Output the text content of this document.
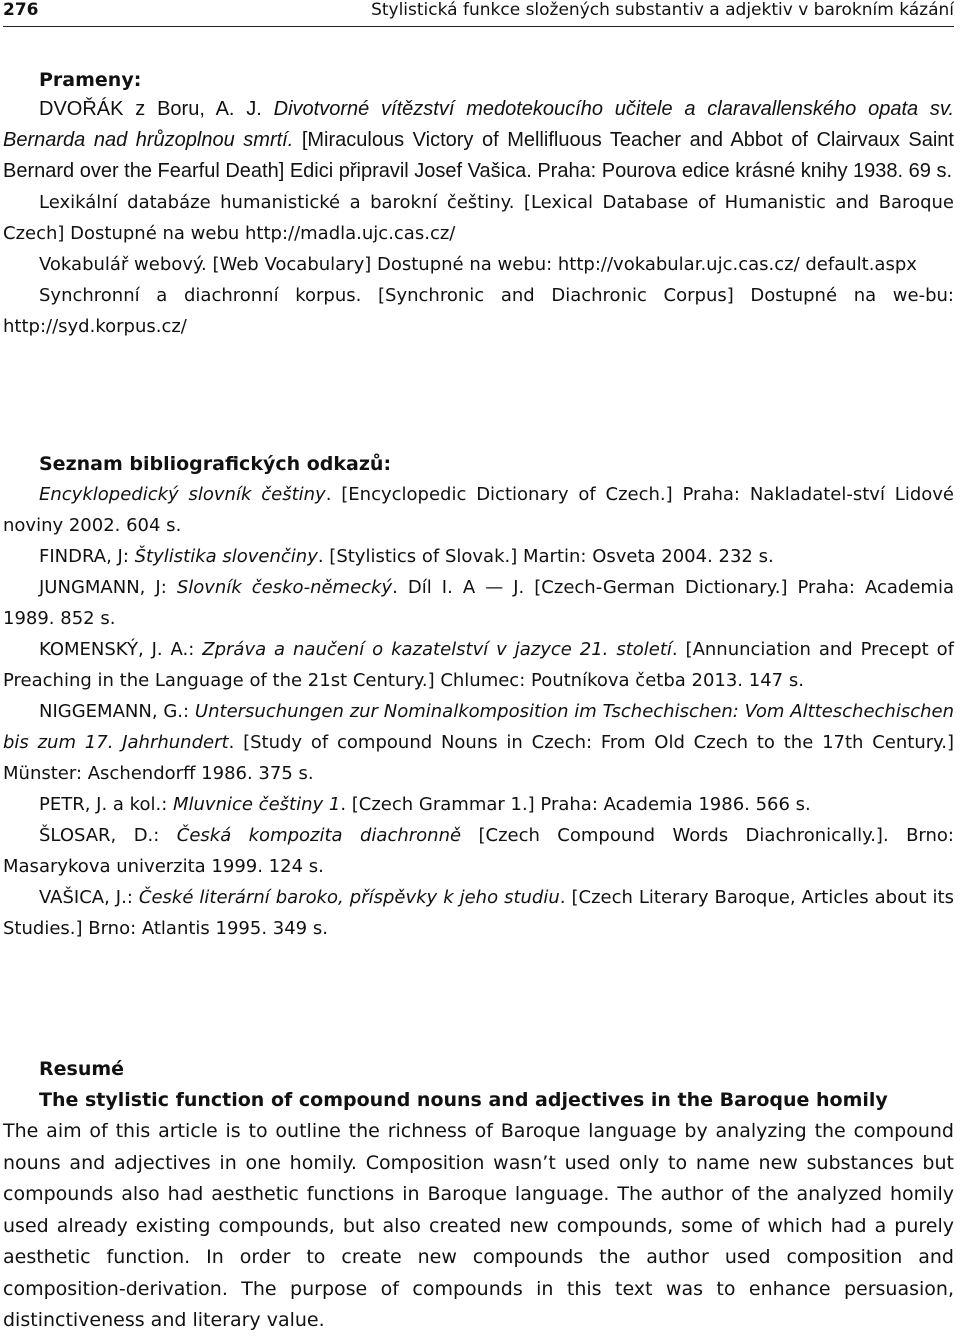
276	Stylistická funkce složených substantiv a adjektiv v barokním kázání
Prameny:
DVOŘÁK z Boru, A. J. Divotvorné vítězství medotekoucího učitele a claravallenského opata sv. Bernarda nad hrůzoplnou smrtí. [Miraculous Victory of Mellifluous Teacher and Abbot of Clairvaux Saint Bernard over the Fearful Death] Edici připravil Josef Vašica. Praha: Pourova edice krásné knihy 1938. 69 s.
Lexikální databáze humanistické a barokní češtiny. [Lexical Database of Humanistic and Baroque Czech] Dostupné na webu http://madla.ujc.cas.cz/
Vokabulář webový. [Web Vocabulary] Dostupné na webu: http://vokabular.ujc.cas.cz/ default.aspx
Synchronní a diachronní korpus. [Synchronic and Diachronic Corpus] Dostupné na we-bu: http://syd.korpus.cz/
Seznam bibliografických odkazů:
Encyklopedický slovník češtiny. [Encyclopedic Dictionary of Czech.] Praha: Nakladatel-ství Lidové noviny 2002. 604 s.
FINDRA, J: Štylistika slovenčiny. [Stylistics of Slovak.] Martin: Osveta 2004. 232 s.
JUNGMANN, J: Slovník česko-německý. Díl I. A — J. [Czech-German Dictionary.] Praha: Academia 1989. 852 s.
KOMENSKÝ, J. A.: Zpráva a naučení o kazatelství v jazyce 21. století. [Annunciation and Precept of Preaching in the Language of the 21st Century.] Chlumec: Poutníkova četba 2013. 147 s.
NIGGEMANN, G.: Untersuchungen zur Nominalkomposition im Tschechischen: Vom Altteschechischen bis zum 17. Jahrhundert. [Study of compound Nouns in Czech: From Old Czech to the 17th Century.] Münster: Aschendorff 1986. 375 s.
PETR, J. a kol.: Mluvnice češtiny 1. [Czech Grammar 1.] Praha: Academia 1986. 566 s.
ŠLOSAR, D.: Česká kompozita diachronně [Czech Compound Words Diachronically.]. Brno: Masarykova univerzita 1999. 124 s.
VAŠICA, J.: České literární baroko, příspěvky k jeho studiu. [Czech Literary Baroque, Articles about its Studies.] Brno: Atlantis 1995. 349 s.
Resumé
The stylistic function of compound nouns and adjectives in the Baroque homily
The aim of this article is to outline the richness of Baroque language by analyzing the compound nouns and adjectives in one homily. Composition wasn’t used only to name new substances but compounds also had aesthetic functions in Baroque language. The author of the analyzed homily used already existing compounds, but also created new compounds, some of which had a purely aesthetic function. In order to create new compounds the author used composition and composition-derivation. The purpose of compounds in this text was to enhance persuasion, distinctiveness and literary value.
